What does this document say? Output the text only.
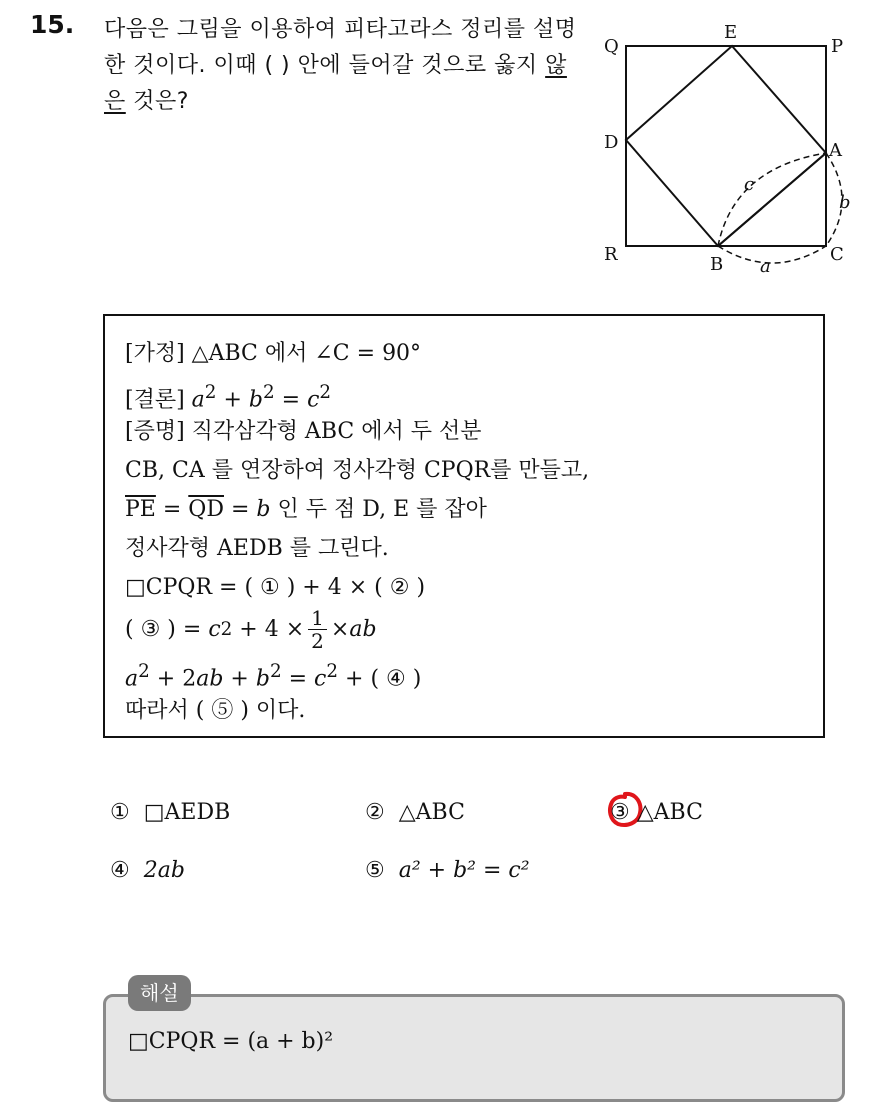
15. 다음은 그림을 이용하여 피타고라스 정리를 설명한 것이다. 이때 ( ) 안에 들어갈 것으로 옳지 않은 것은?
Q
E
P
D	A
R	B	C
c
b
a
[가정] △ABC 에서 ∠C = 90°
[결론] $a^2 + b^2 = c^2$
[증명] 직각삼각형 ABC 에서 두 선분
CB, CA 를 연장하여 정사각형 CPQR를 만들고,
$\overline{PE} = \overline{QD} = b$ 인 두 점 D, E 를 잡아
정사각형 AEDB 를 그린다.
□CPQR = ( ① ) + 4 × ( ② )
( ③ ) =
c $2 + 4 \times \frac{1}{2}$ × ab
$a^2 + 2ab + b^2 = c^2$ + ( ④ )
따라서 ( ⑤ ) 이다.
① □AEDB	② △ABC	③ △ABC
④ 2ab	⑤ a² + b² = c²
해설
□CPQR = (a + b)²
